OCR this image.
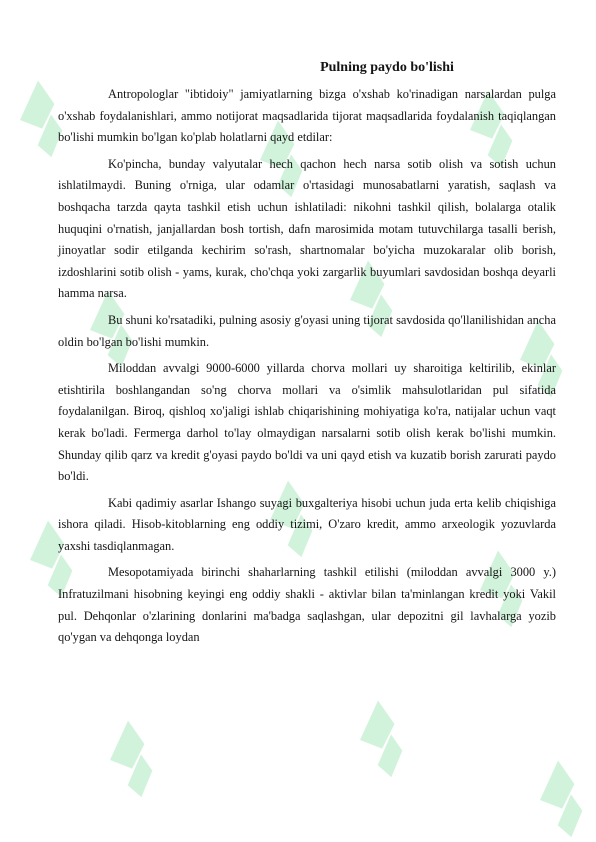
Pulning paydo bo'lishi

Antropologlar "ibtidoiy" jamiyatlarning bizga o'xshab ko'rinadigan narsalardan pulga o'xshab foydalanishlari, ammo notijorat maqsadlarida tijorat maqsadlarida foydalanish taqiqlangan bo'lishi mumkin bo'lgan ko'plab holatlarni qayd etdilar:

Ko'pincha, bunday valyutalar hech qachon hech narsa sotib olish va sotish uchun ishlatilmaydi. Buning o'rniga, ular odamlar o'rtasidagi munosabatlarni yaratish, saqlash va boshqacha tarzda qayta tashkil etish uchun ishlatiladi: nikohni tashkil qilish, bolalarga otalik huquqini o'rnatish, janjallardan bosh tortish, dafn marosimida motam tutuvchilarga tasalli berish, jinoyatlar sodir etilganda kechirim so'rash, shartnomalar bo'yicha muzokaralar olib borish, izdoshlarini sotib olish - yams, kurak, cho'chqa yoki zargarlik buyumlari savdosidan boshqa deyarli hamma narsa.

Bu shuni ko'rsatadiki, pulning asosiy g'oyasi uning tijorat savdosida qo'llanilishidan ancha oldin bo'lgan bo'lishi mumkin.

Miloddan avvalgi 9000-6000 yillarda chorva mollari uy sharoitiga keltirilib, ekinlar etishtirila boshlangandan so'ng chorva mollari va o'simlik mahsulotlaridan pul sifatida foydalanilgan. Biroq, qishloq xo'jaligi ishlab chiqarishining mohiyatiga ko'ra, natijalar uchun vaqt kerak bo'ladi. Fermerga darhol to'lay olmaydigan narsalarni sotib olish kerak bo'lishi mumkin. Shunday qilib qarz va kredit g'oyasi paydo bo'ldi va uni qayd etish va kuzatib borish zarurati paydo bo'ldi.

Kabi qadimiy asarlar Ishango suyagi buxgalteriya hisobi uchun juda erta kelib chiqishiga ishora qiladi. Hisob-kitoblarning eng oddiy tizimi, O'zaro kredit, ammo arxeologik yozuvlarda yaxshi tasdiqlanmagan.

Mesopotamiyada birinchi shaharlarning tashkil etilishi (miloddan avvalgi 3000 y.) Infratuzilmani hisobning keyingi eng oddiy shakli - aktivlar bilan ta'minlangan kredit yoki Vakil pul. Dehqonlar o'zlarining donlarini ma'badga saqlashgan, ular depozitni gil lavhalarga yozib qo'ygan va dehqonga loydan
